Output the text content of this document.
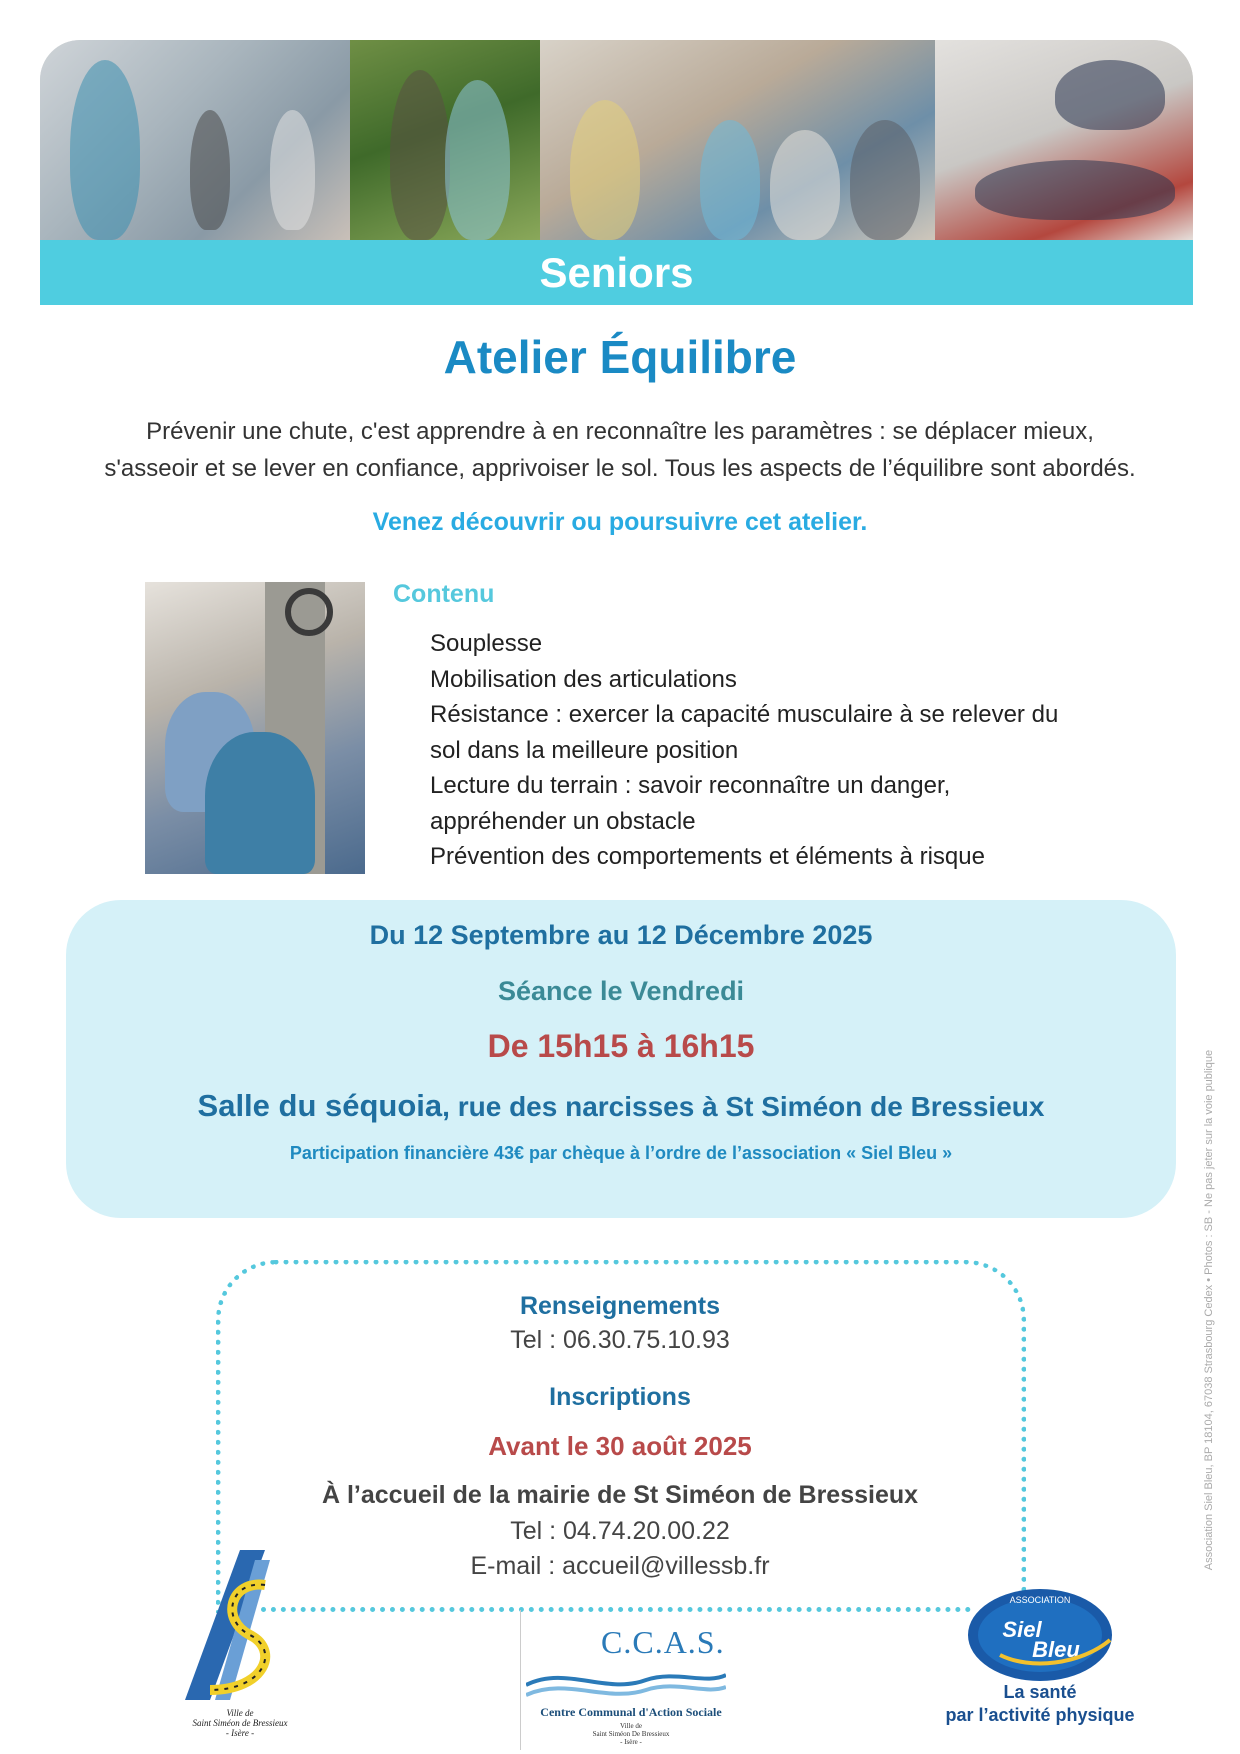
Seniors
Atelier Équilibre
Prévenir une chute, c'est apprendre à en reconnaître les paramètres : se déplacer mieux,
s'asseoir et se lever en confiance, apprivoiser le sol. Tous les aspects de l’équilibre sont abordés.
Venez découvrir ou poursuivre cet atelier.
Contenu
Souplesse
Mobilisation des articulations
Résistance : exercer la capacité musculaire à se relever du
sol dans la meilleure position
Lecture du terrain : savoir reconnaître un danger,
appréhender un obstacle
Prévention des comportements et éléments à risque
Du 12 Septembre au 12 Décembre 2025
Séance le Vendredi
De 15h15 à 16h15
Salle du séquoia, rue des narcisses à St Siméon de Bressieux
Participation financière 43€ par chèque à l’ordre de l’association « Siel Bleu »
Renseignements
Tel : 06.30.75.10.93
Inscriptions
Avant le 30 août 2025
À l’accueil de la mairie de St Siméon de Bressieux
Tel : 04.74.20.00.22
E-mail : accueil@villessb.fr	Association Siel Bleu, BP 18104, 67038 Strasbourg Cedex • Photos : SB - Ne pas jeter sur la voie publique
Ville de
Saint Siméon de Bressieux
- Isère -
C.C.A.S.
Centre Communal d'Action Sociale
Ville de
Saint Siméon De Bressieux
- Isère -
ASSOCIATION
Siel
Bleu
La santé
par l’activité physique
